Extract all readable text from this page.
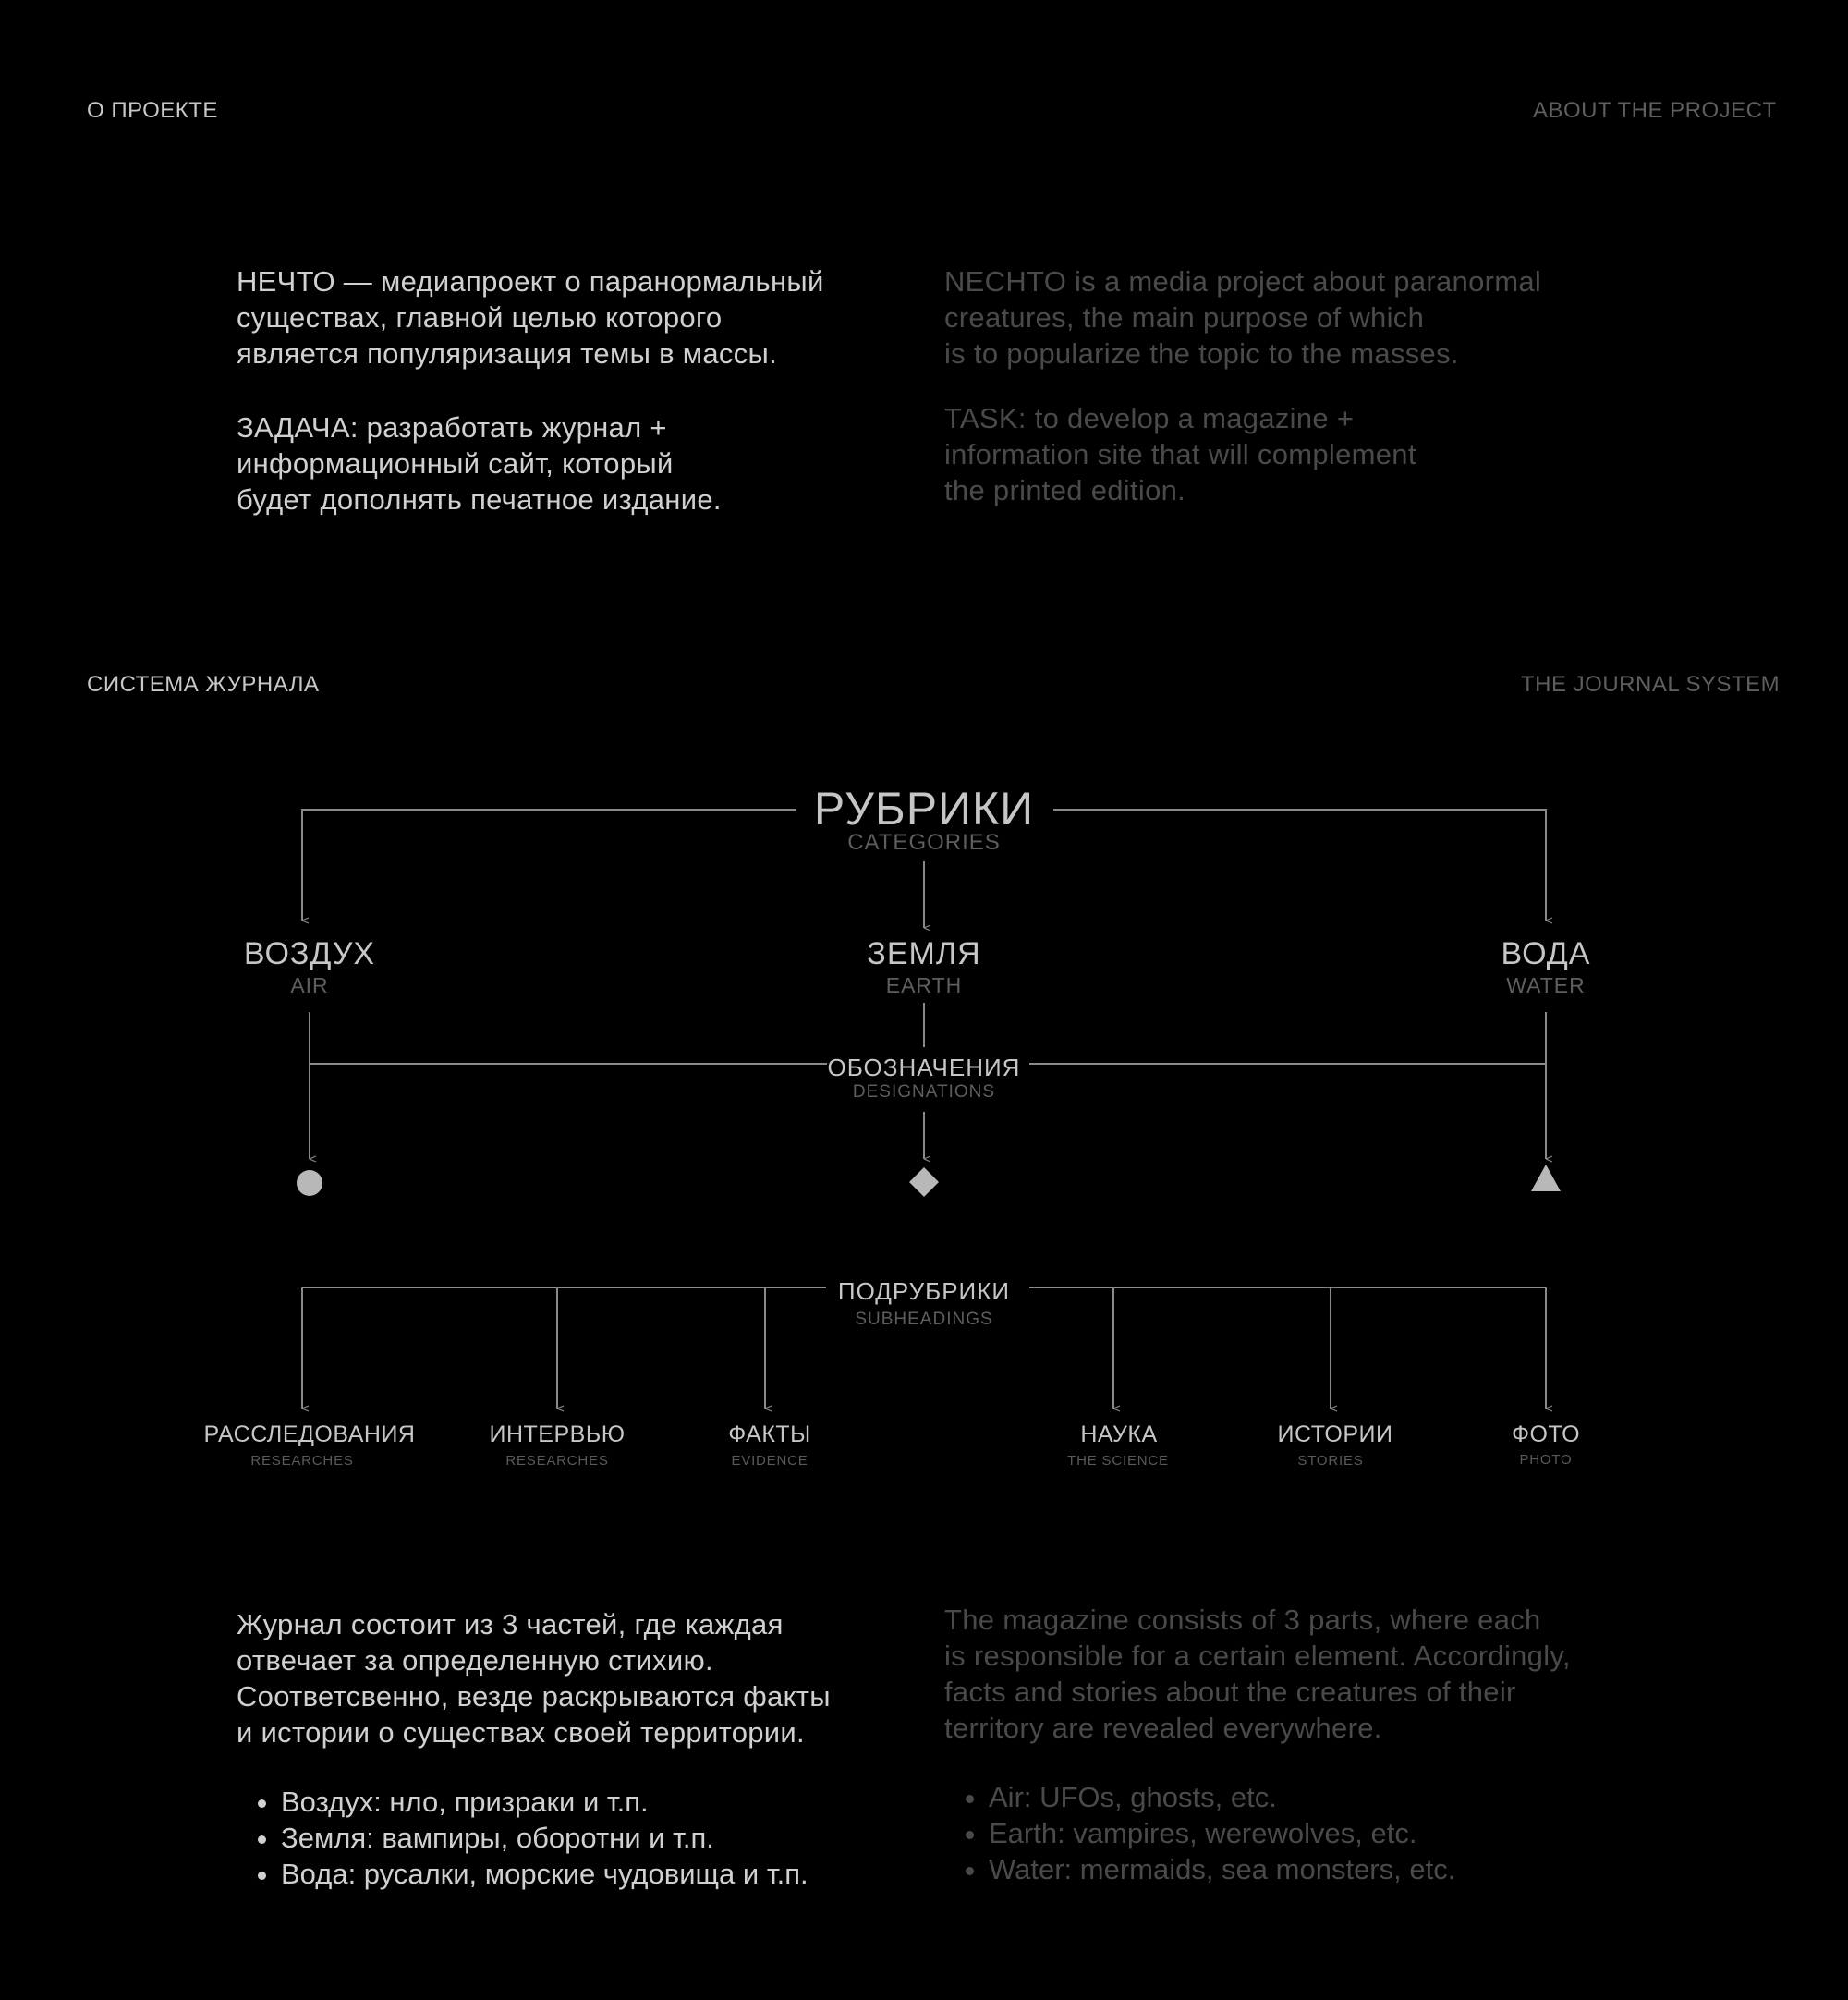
О ПРОЕКТЕ	ABOUT THE PROJECT
НЕЧТО — медиапроект о паранормальный
существах, главной целью которого
является популяризация темы в массы.
NECHTO is a media project about paranormal
creatures, the main purpose of which
is to popularize the topic to the masses.
ЗАДАЧА: разработать журнал +
информационный сайт, который
будет дополнять печатное издание.
TASK: to develop a magazine +
information site that will complement
the printed edition.
СИСТЕМА ЖУРНАЛА	THE JOURNAL SYSTEM
РУБРИКИ
CATEGORIES
ВОЗДУХ
AIR
ЗЕМЛЯ
EARTH
ВОДА
WATER
ОБОЗНАЧЕНИЯ
DESIGNATIONS
ПОДРУБРИКИ
SUBHEADINGS
РАССЛЕДОВАНИЯ
RESEARCHES
ИНТЕРВЬЮ
RESEARCHES
ФАКТЫ
EVIDENCE
НАУКА
THE SCIENCE
ИСТОРИИ
STORIES
ФОТО
PHOTO
Журнал состоит из 3 частей, где каждая
отвечает за определенную стихию.
Соответсвенно, везде раскрываются факты
и истории о существах своей территории.
The magazine consists of 3 parts, where each
is responsible for a certain element. Accordingly,
facts and stories about the creatures of their
territory are revealed everywhere.
• Воздух: нло, призраки и т.п.
• Земля: вампиры, оборотни и т.п.
• Вода: русалки, морские чудовища и т.п.
• Air: UFOs, ghosts, etc.
• Earth: vampires, werewolves, etc.
• Water: mermaids, sea monsters, etc.
